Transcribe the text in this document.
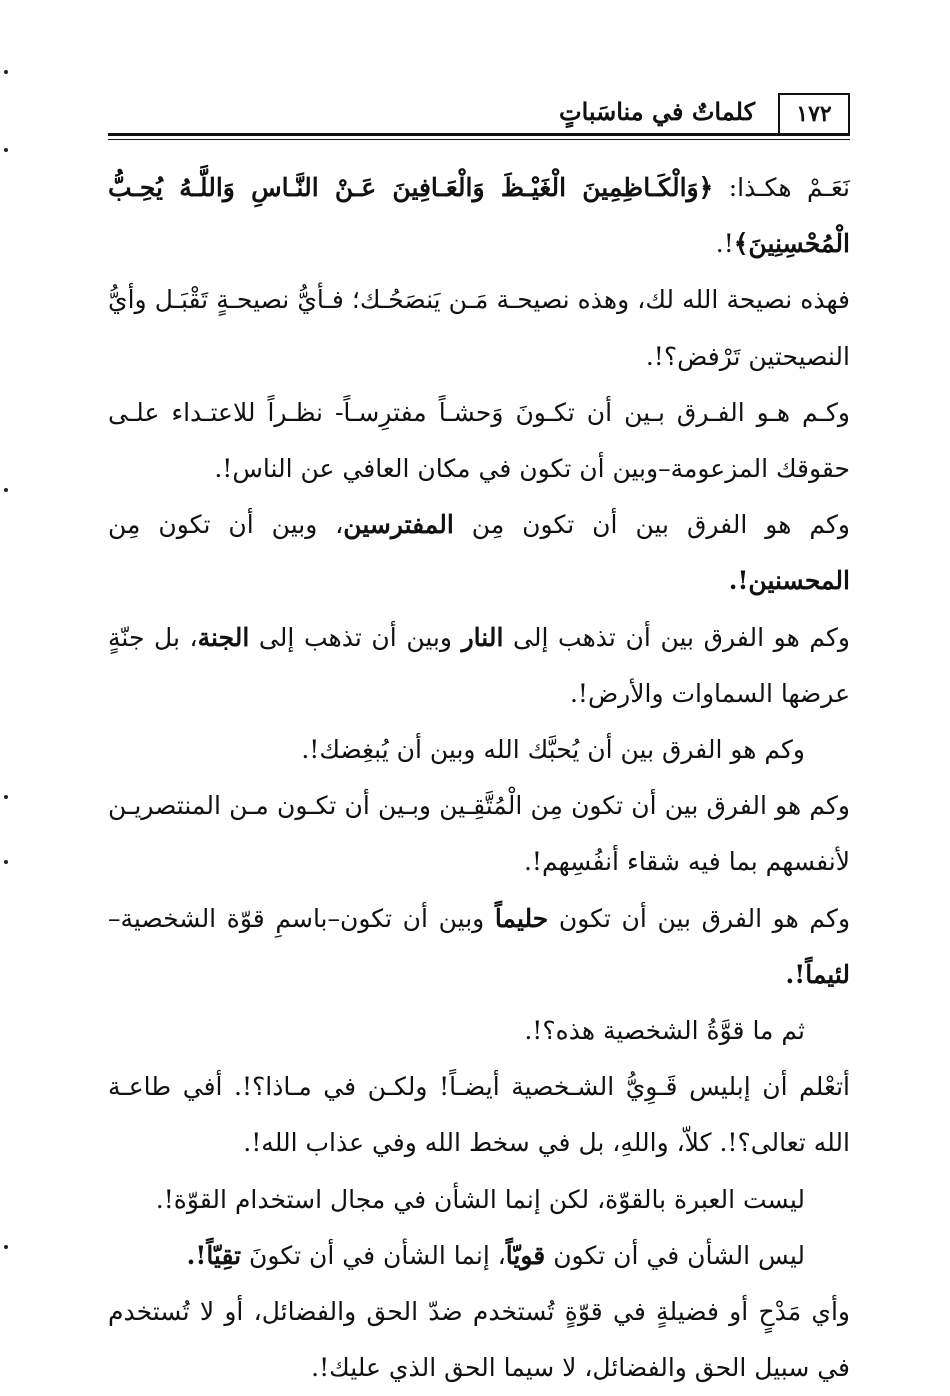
١٧٢
كلماتٌ في مناسَباتٍ

نَعَـمْ هكـذا: ﴿وَالْكَـاظِمِينَ الْغَيْـظَ وَالْعَـافِينَ عَـنْ النَّـاسِ وَاللَّـهُ يُحِـبُّ الْمُحْسِنِينَ﴾!.

فهذه نصيحة الله لك، وهذه نصيحـة مَـن يَنصَحُـك؛ فـأيُّ نصيحـةٍ تَقْبَـل وأيُّ النصيحتين تَرْفض؟!.

وكـم هـو الفـرق بـين أن تكـونَ وَحشـاً مفترِسـاً- نظـراً للاعتـداء علـى حقوقك المزعومة–وبين أن تكون في مكان العافي عن الناس!.

وكم هو الفرق بين أن تكون مِن المفترسين، وبين أن تكون مِن المحسنين!.

وكم هو الفرق بين أن تذهب إلى النار وبين أن تذهب إلى الجنة، بل جنّةٍ عرضها السماوات والأرض!.

وكم هو الفرق بين أن يُحبَّك الله وبين أن يُبغِضك!.

وكم هو الفرق بين أن تكون مِن الْمُتَّقِـين وبـين أن تكـون مـن المنتصريـن لأنفسهم بما فيه شقاء أنفُسِهم!.

وكم هو الفرق بين أن تكون حليماً وبين أن تكون–باسمِ قوّة الشخصية–لئيماً!.

ثم ما قوَّةُ الشخصية هذه؟!.

أتعْلم أن إبليس قَـوِيُّ الشـخصية أيضـاً! ولكـن في مـاذا؟!. أفي طاعـة الله تعالى؟!. كلاّ، واللهِ، بل في سخط الله وفي عذاب الله!.

ليست العبرة بالقوّة، لكن إنما الشأن في مجال استخدام القوّة!.

ليس الشأن في أن تكون قويّاً، إنما الشأن في أن تكونَ تقِيّاً!.

وأي مَدْحٍ أو فضيلةٍ في قوّةٍ تُستخدم ضدّ الحق والفضائل، أو لا تُستخدم في سبيل الحق والفضائل، لا سيما الحق الذي عليك!.
